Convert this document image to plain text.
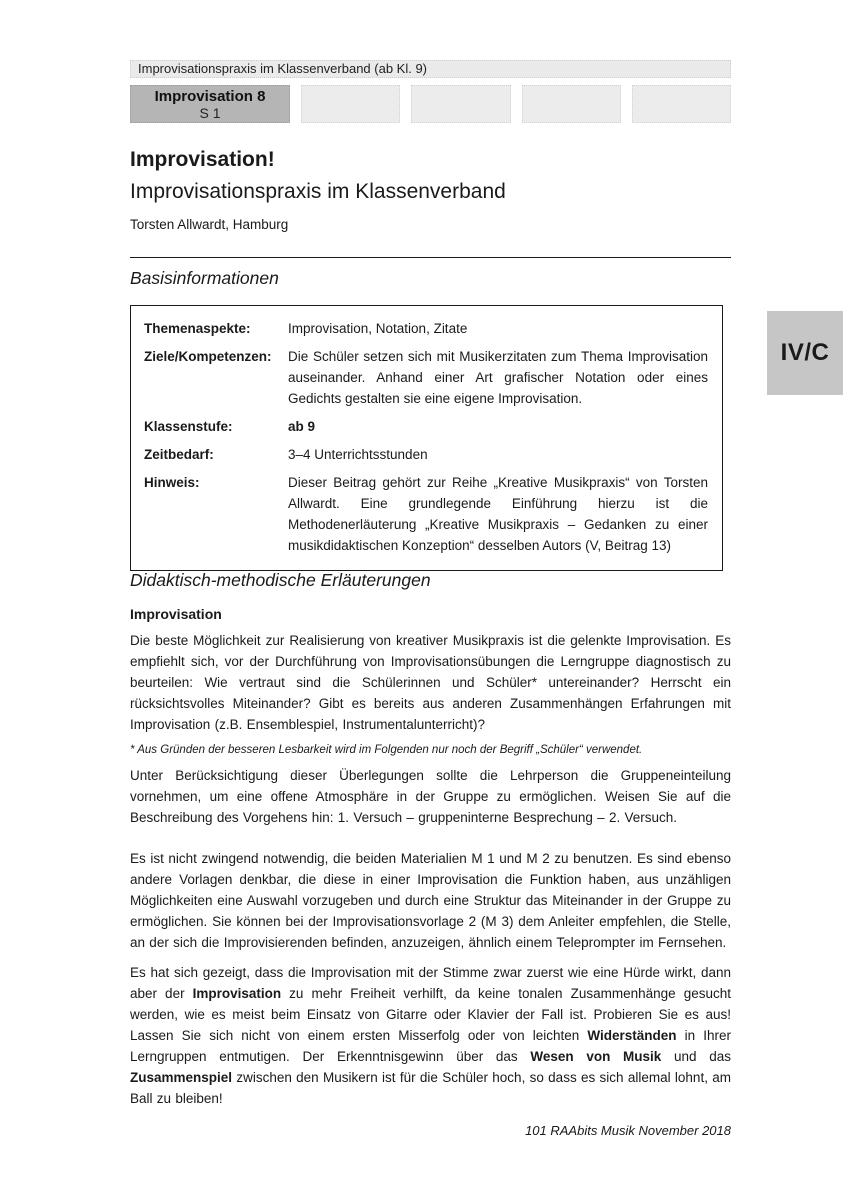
Improvisationspraxis im Klassenverband (ab Kl. 9)
Improvisation 8
S 1
IV/C
Improvisation!
Improvisationspraxis im Klassenverband
Torsten Allwardt, Hamburg
Basisinformationen
Themenaspekte:	Improvisation, Notation, Zitate
Ziele/Kompetenzen:	Die Schüler setzen sich mit Musikerzitaten zum Thema Improvisation auseinander. Anhand einer Art grafischer Notation oder eines Gedichts gestalten sie eine eigene Improvisation.
Klassenstufe:	ab 9
Zeitbedarf:	3–4 Unterrichtsstunden
Hinweis:	Dieser Beitrag gehört zur Reihe „Kreative Musikpraxis“ von Torsten Allwardt. Eine grundlegende Einführung hierzu ist die Methodenerläuterung „Kreative Musikpraxis – Gedanken zu einer musikdidaktischen Konzeption“ desselben Autors (V, Beitrag 13)
Didaktisch-methodische Erläuterungen
Improvisation
Die beste Möglichkeit zur Realisierung von kreativer Musikpraxis ist die gelenkte Improvisation. Es empfiehlt sich, vor der Durchführung von Improvisationsübungen die Lerngruppe diagnostisch zu beurteilen: Wie vertraut sind die Schülerinnen und Schüler* untereinander? Herrscht ein rücksichtsvolles Miteinander? Gibt es bereits aus anderen Zusammenhängen Erfahrungen mit Improvisation (z.B. Ensemblespiel, Instrumentalunterricht)?
* Aus Gründen der besseren Lesbarkeit wird im Folgenden nur noch der Begriff „Schüler“ verwendet.
Unter Berücksichtigung dieser Überlegungen sollte die Lehrperson die Gruppeneinteilung vornehmen, um eine offene Atmosphäre in der Gruppe zu ermöglichen. Weisen Sie auf die Beschreibung des Vorgehens hin: 1. Versuch – gruppeninterne Besprechung – 2. Versuch.
Es ist nicht zwingend notwendig, die beiden Materialien M 1 und M 2 zu benutzen. Es sind ebenso andere Vorlagen denkbar, die diese in einer Improvisation die Funktion haben, aus unzähligen Möglichkeiten eine Auswahl vorzugeben und durch eine Struktur das Miteinander in der Gruppe zu ermöglichen. Sie können bei der Improvisationsvorlage 2 (M 3) dem Anleiter empfehlen, die Stelle, an der sich die Improvisierenden befinden, anzuzeigen, ähnlich einem Teleprompter im Fernsehen.
Es hat sich gezeigt, dass die Improvisation mit der Stimme zwar zuerst wie eine Hürde wirkt, dann aber der Improvisation zu mehr Freiheit verhilft, da keine tonalen Zusammenhänge gesucht werden, wie es meist beim Einsatz von Gitarre oder Klavier der Fall ist. Probieren Sie es aus! Lassen Sie sich nicht von einem ersten Misserfolg oder von leichten Widerständen in Ihrer Lerngruppen entmutigen. Der Erkenntnisgewinn über das Wesen von Musik und das Zusammenspiel zwischen den Musikern ist für die Schüler hoch, so dass es sich allemal lohnt, am Ball zu bleiben!
101 RAAbits Musik November 2018
